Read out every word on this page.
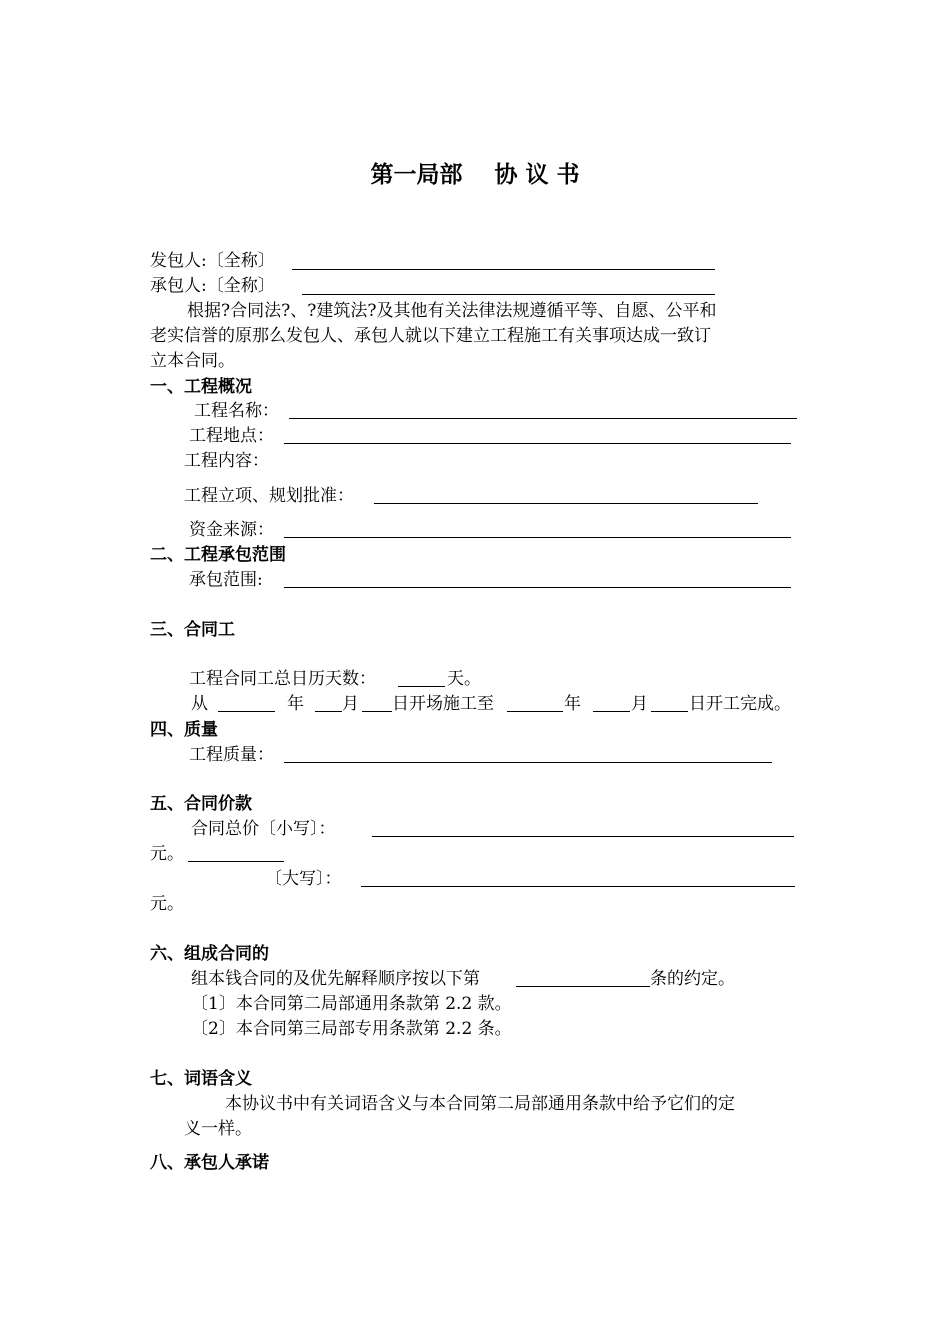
第一局部    协 议 书
发包人:〔全称〕
承包人:〔全称〕
根据?合同法?、?建筑法?及其他有关法律法规遵循平等、自愿、公平和
老实信誉的原那么发包人、承包人就以下建立工程施工有关事项达成一致订
立本合同。
一、工程概况
工程名称：
工程地点：
工程内容：
工程立项、规划批准：
资金来源：
二、工程承包范围
承包范围:
三、合同工
工程合同工总日历天数：	天。
从	年 月 日开场施工至	年	月 日开工完成。
四、质量
工程质量：
五、合同价款
合同总价〔小写〕：
元。
〔大写〕：
元。
六、组成合同的
组本钱合同的及优先解释顺序按以下第	条的约定。
〔1〕本合同第二局部通用条款第 2.2 款。
〔2〕本合同第三局部专用条款第 2.2 条。
七、词语含义
本协议书中有关词语含义与本合同第二局部通用条款中给予它们的定
义一样。
八、承包人承诺
